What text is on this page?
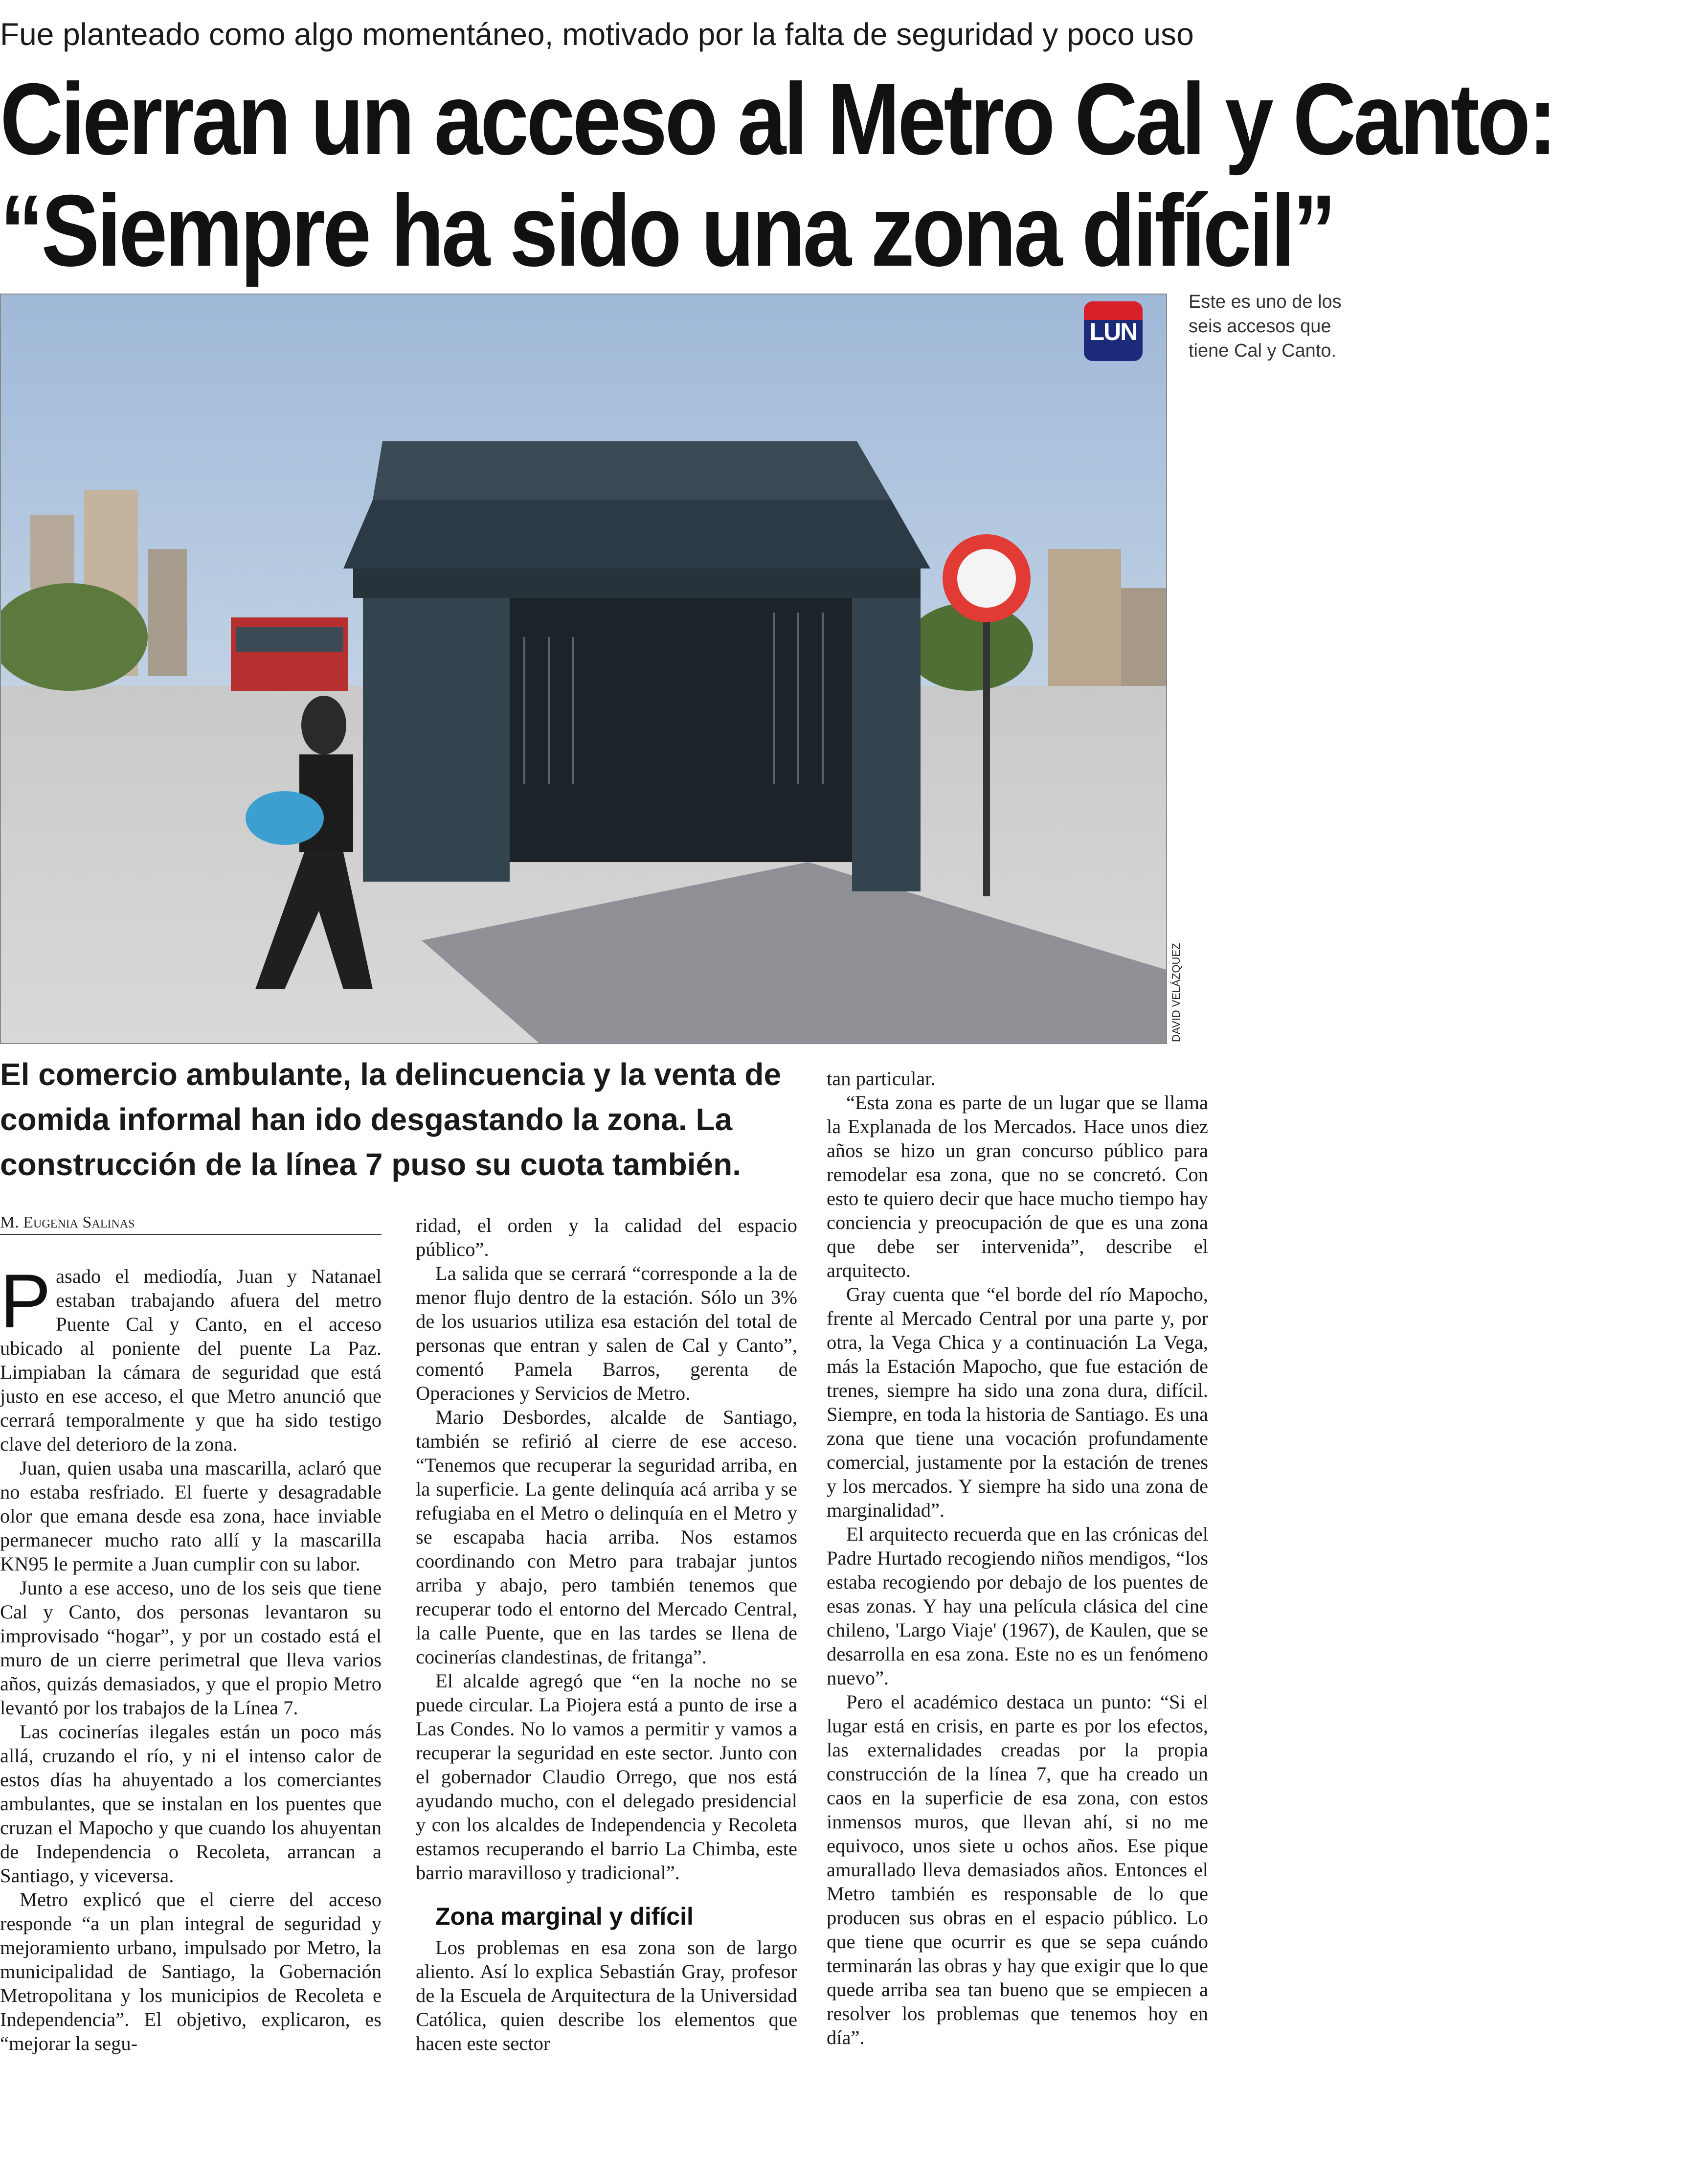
Fue planteado como algo momentáneo, motivado por la falta de seguridad y poco uso
Cierran un acceso al Metro Cal y Canto:
“Siempre ha sido una zona difícil”
LUN
Este es uno de los seis accesos que tiene Cal y Canto.
DAVID VELÁZQUEZ
El comercio ambulante, la delincuencia y la venta de comida informal han ido desgastando la zona. La construcción de la línea 7 puso su cuota también.
M. Eugenia Salinas

Pasado el mediodía, Juan y Natanael estaban trabajando afuera del metro Puente Cal y Canto, en el acceso ubicado al poniente del puente La Paz. Limpiaban la cámara de seguridad que está justo en ese acceso, el que Metro anunció que cerrará temporalmente y que ha sido testigo clave del deterioro de la zona.

Juan, quien usaba una mascarilla, aclaró que no estaba resfriado. El fuerte y desagradable olor que emana desde esa zona, hace inviable permanecer mucho rato allí y la mascarilla KN95 le permite a Juan cumplir con su labor.

Junto a ese acceso, uno de los seis que tiene Cal y Canto, dos personas levantaron su improvisado “hogar”, y por un costado está el muro de un cierre perimetral que lleva varios años, quizás demasiados, y que el propio Metro levantó por los trabajos de la Línea 7.

Las cocinerías ilegales están un poco más allá, cruzando el río, y ni el intenso calor de estos días ha ahuyentado a los comerciantes ambulantes, que se instalan en los puentes que cruzan el Mapocho y que cuando los ahuyentan de Independencia o Recoleta, arrancan a Santiago, y viceversa.

Metro explicó que el cierre del acceso responde “a un plan integral de seguridad y mejoramiento urbano, impulsado por Metro, la municipalidad de Santiago, la Gobernación Metropolitana y los municipios de Recoleta e Independencia”. El objetivo, explicaron, es “mejorar la segu-

ridad, el orden y la calidad del espacio público”.

La salida que se cerrará “corresponde a la de menor flujo dentro de la estación. Sólo un 3% de los usuarios utiliza esa estación del total de personas que entran y salen de Cal y Canto”, comentó Pamela Barros, gerenta de Operaciones y Servicios de Metro.

Mario Desbordes, alcalde de Santiago, también se refirió al cierre de ese acceso. “Tenemos que recuperar la seguridad arriba, en la superficie. La gente delinquía acá arriba y se refugiaba en el Metro o delinquía en el Metro y se escapaba hacia arriba. Nos estamos coordinando con Metro para trabajar juntos arriba y abajo, pero también tenemos que recuperar todo el entorno del Mercado Central, la calle Puente, que en las tardes se llena de cocinerías clandestinas, de fritanga”.

El alcalde agregó que “en la noche no se puede circular. La Piojera está a punto de irse a Las Condes. No lo vamos a permitir y vamos a recuperar la seguridad en este sector. Junto con el gobernador Claudio Orrego, que nos está ayudando mucho, con el delegado presidencial y con los alcaldes de Independencia y Recoleta estamos recuperando el barrio La Chimba, este barrio maravilloso y tradicional”.

Zona marginal y difícil

Los problemas en esa zona son de largo aliento. Así lo explica Sebastián Gray, profesor de la Escuela de Arquitectura de la Universidad Católica, quien describe los elementos que hacen este sector

tan particular.

“Esta zona es parte de un lugar que se llama la Explanada de los Mercados. Hace unos diez años se hizo un gran concurso público para remodelar esa zona, que no se concretó. Con esto te quiero decir que hace mucho tiempo hay conciencia y preocupación de que es una zona que debe ser intervenida”, describe el arquitecto.

Gray cuenta que “el borde del río Mapocho, frente al Mercado Central por una parte y, por otra, la Vega Chica y a continuación La Vega, más la Estación Mapocho, que fue estación de trenes, siempre ha sido una zona dura, difícil. Siempre, en toda la historia de Santiago. Es una zona que tiene una vocación profundamente comercial, justamente por la estación de trenes y los mercados. Y siempre ha sido una zona de marginalidad”.

El arquitecto recuerda que en las crónicas del Padre Hurtado recogiendo niños mendigos, “los estaba recogiendo por debajo de los puentes de esas zonas. Y hay una película clásica del cine chileno, 'Largo Viaje' (1967), de Kaulen, que se desarrolla en esa zona. Este no es un fenómeno nuevo”.

Pero el académico destaca un punto: “Si el lugar está en crisis, en parte es por los efectos, las externalidades creadas por la propia construcción de la línea 7, que ha creado un caos en la superficie de esa zona, con estos inmensos muros, que llevan ahí, si no me equivoco, unos siete u ochos años. Ese pique amurallado lleva demasiados años. Entonces el Metro también es responsable de lo que producen sus obras en el espacio público. Lo que tiene que ocurrir es que se sepa cuándo terminarán las obras y hay que exigir que lo que quede arriba sea tan bueno que se empiecen a resolver los problemas que tenemos hoy en día”.
